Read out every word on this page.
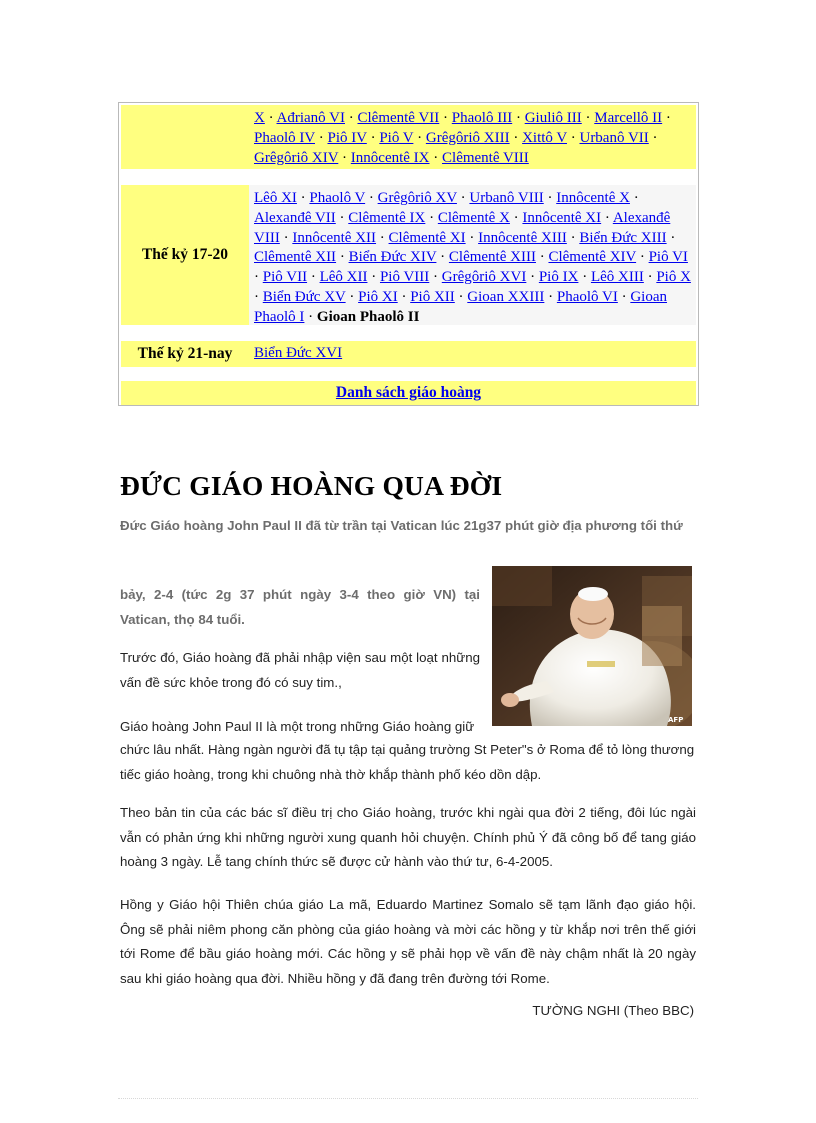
X · Ađrianô VI · Clêmentê VII · Phaolô III · Giuliô III · Marcellô II · Phaolô IV · Piô IV · Piô V · Grêgôriô XIII · Xittô V · Urbanô VII · Grêgôriô XIV · Innôcentê IX · Clêmentê VIII
Thế kỷ 17-20
Lêô XI · Phaolô V · Grêgôriô XV · Urbanô VIII · Innôcentê X · Alexanđê VII · Clêmentê IX · Clêmentê X · Innôcentê XI · Alexanđê VIII · Innôcentê XII · Clêmentê XI · Innôcentê XIII · Biển Đức XIII · Clêmentê XII · Biển Đức XIV · Clêmentê XIII · Clêmentê XIV · Piô VI · Piô VII · Lêô XII · Piô VIII · Grêgôriô XVI · Piô IX · Lêô XIII · Piô X · Biển Đức XV · Piô XI · Piô XII · Gioan XXIII · Phaolô VI · Gioan Phaolô I · Gioan Phaolô II
Thế kỷ 21-nay	Biển Đức XVI
Danh sách giáo hoàng
ĐỨC GIÁO HOÀNG QUA ĐỜI
Đức Giáo hoàng John Paul II đã từ trần tại Vatican lúc 21g37 phút giờ địa phương tối thứ
bảy, 2-4 (tức 2g 37 phút ngày 3-4 theo giờ VN) tại Vatican, thọ 84 tuổi.
AFP

Trước đó, Giáo hoàng đã phải nhập viện sau một loạt những vấn đề sức khỏe trong đó có suy tim.,

Giáo hoàng John Paul II là một trong những Giáo hoàng giữ

chức lâu nhất. Hàng ngàn người đã tụ tập tại quảng trường St Peter"s ở Roma để tỏ lòng thương tiếc giáo hoàng, trong khi chuông nhà thờ khắp thành phố kéo dồn dập.

Theo bản tin của các bác sĩ điều trị cho Giáo hoàng, trước khi ngài qua đời 2 tiếng, đôi lúc ngài vẫn có phản ứng khi những người xung quanh hỏi chuyện. Chính phủ Ý đã công bố để tang giáo hoàng 3 ngày. Lễ tang chính thức sẽ được cử hành vào thứ tư, 6-4-2005.

Hồng y Giáo hội Thiên chúa giáo La mã, Eduardo Martinez Somalo sẽ tạm lãnh đạo giáo hội. Ông sẽ phải niêm phong căn phòng của giáo hoàng và mời các hồng y từ khắp nơi trên thế giới tới Rome để bầu giáo hoàng mới. Các hồng y sẽ phải họp về vấn đề này chậm nhất là 20 ngày sau khi giáo hoàng qua đời. Nhiều hồng y đã đang trên đường tới Rome.

TƯỜNG NGHI (Theo BBC)
